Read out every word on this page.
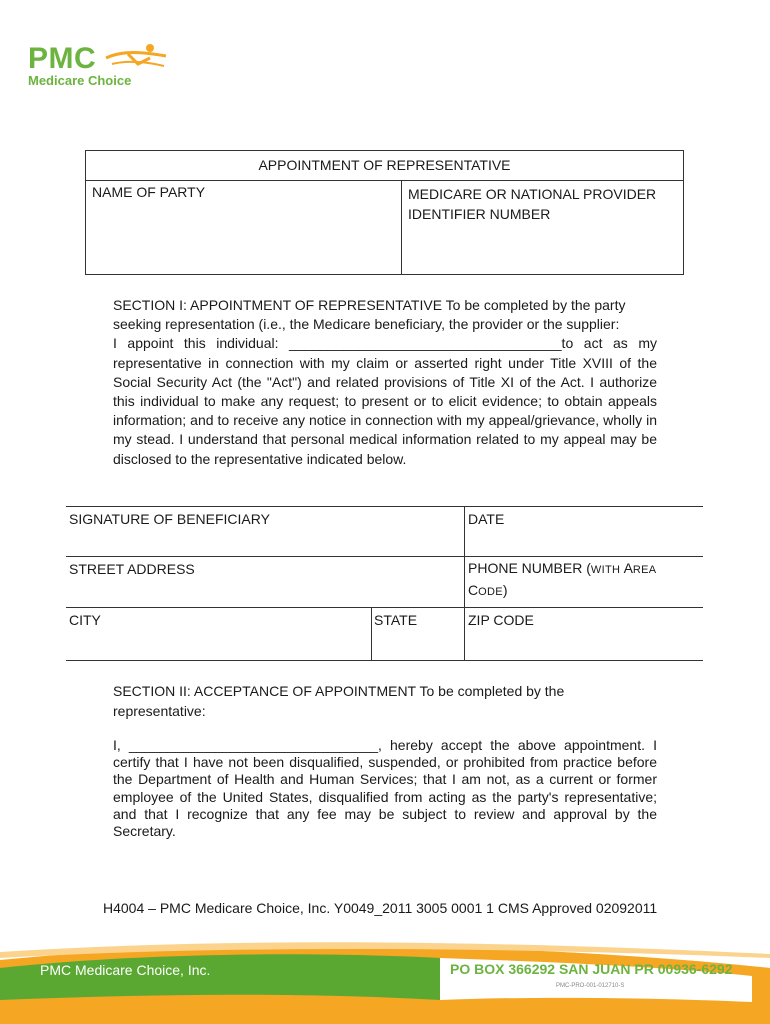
PMC
Medicare Choice
APPOINTMENT OF REPRESENTATIVE
NAME OF PARTY	MEDICARE OR NATIONAL PROVIDER
IDENTIFIER NUMBER
SECTION I: APPOINTMENT OF REPRESENTATIVE To be completed by the party seeking representation (i.e., the Medicare beneficiary, the provider or the supplier:
I appoint this individual: ___________________________________to act as my representative in connection with my claim or asserted right under Title XVIII of the Social Security Act (the "Act") and related provisions of Title XI of the Act. I authorize this individual to make any request; to present or to elicit evidence; to obtain appeals information; and to receive any notice in connection with my appeal/grievance, wholly in my stead. I understand that personal medical information related to my appeal may be disclosed to the representative indicated below.
SIGNATURE OF BENEFICIARY	DATE
STREET ADDRESS	PHONE NUMBER (WITH AREA
CODE)
CITY	STATE	ZIP CODE
SECTION II: ACCEPTANCE OF APPOINTMENT To be completed by the representative:
I, ________________________________, hereby accept the above appointment. I certify that I have not been disqualified, suspended, or prohibited from practice before the Department of Health and Human Services; that I am not, as a current or former employee of the United States, disqualified from acting as the party's representative; and that I recognize that any fee may be subject to review and approval by the Secretary.
H4004 – PMC Medicare Choice, Inc. Y0049_2011 3005 0001 1 CMS Approved 02092011
PMC Medicare Choice, Inc.	PO BOX 366292 SAN JUAN PR 00936-6292
PMC-PRO-001-012710-S
